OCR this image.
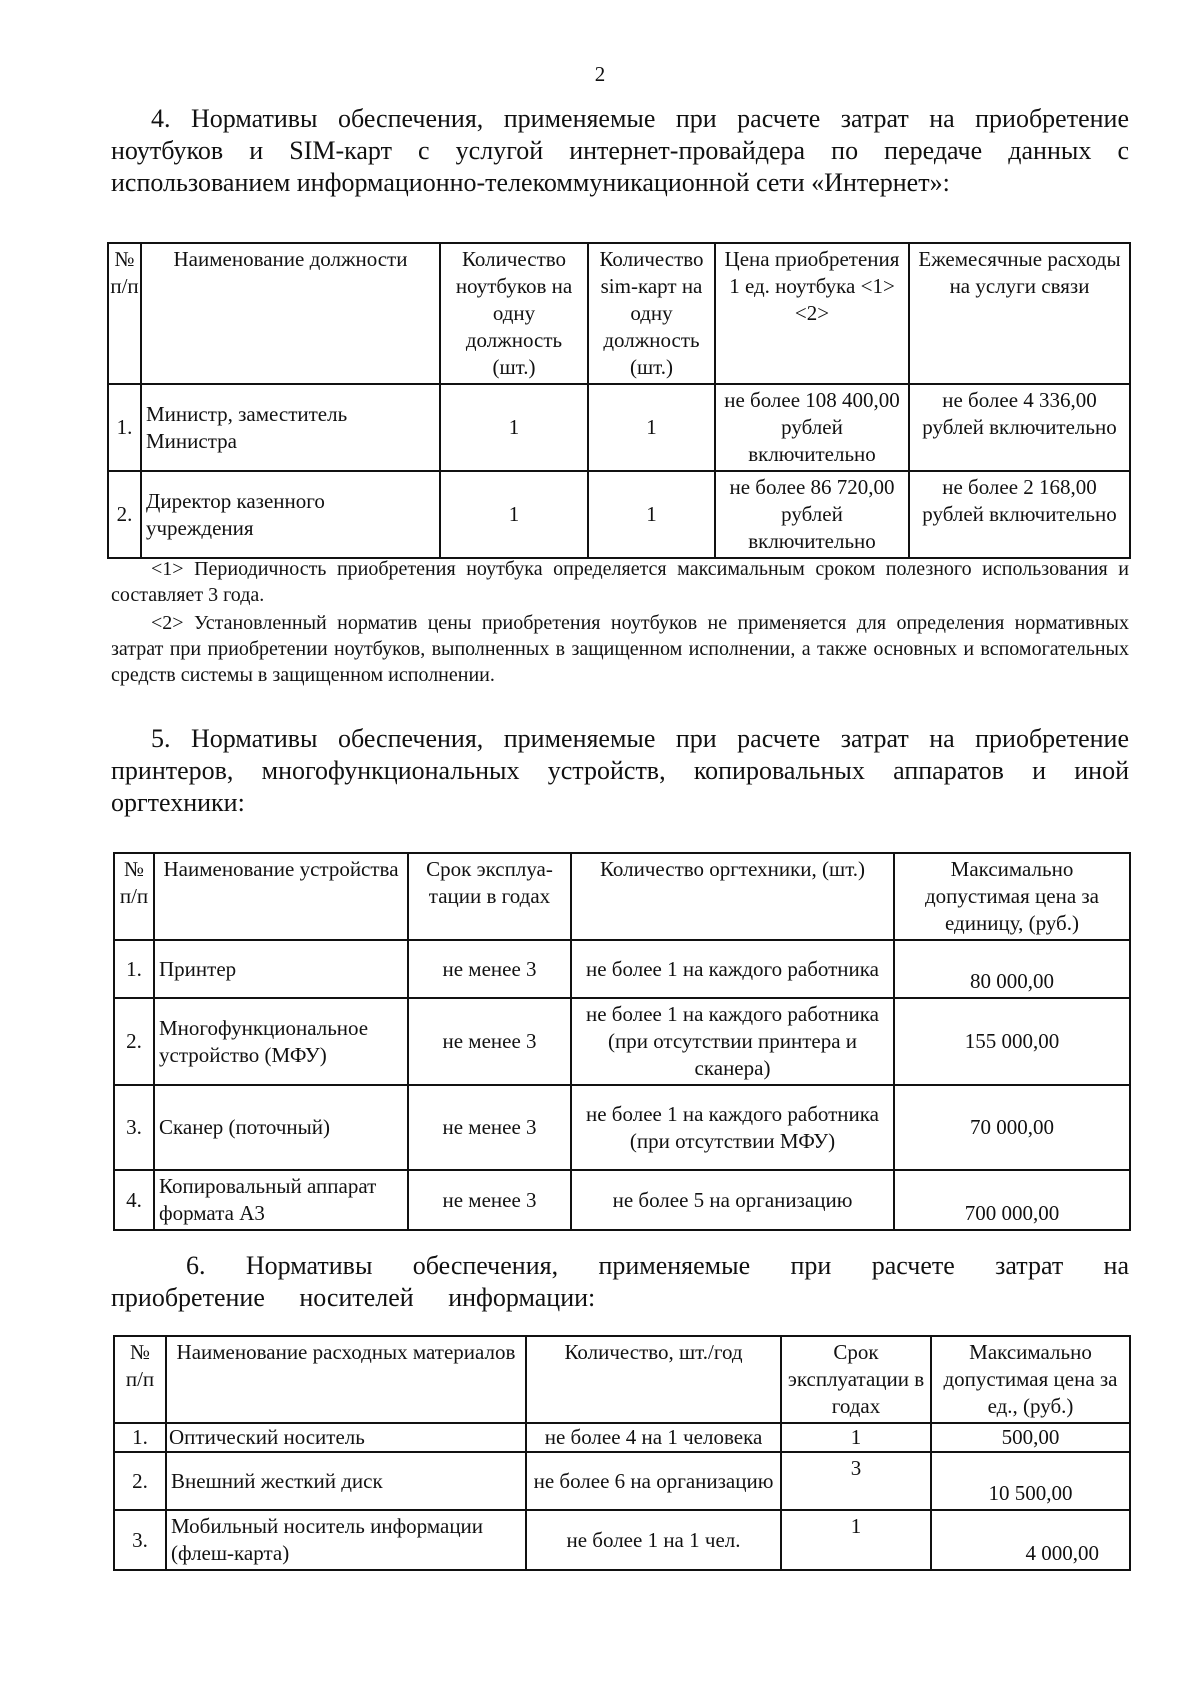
2
4. Нормативы обеспечения, применяемые при расчете затрат на приобретение ноутбуков и SIM-карт с услугой интернет-провайдера по передаче данных с использованием информационно-телекоммуникационной сети «Интернет»:
№ п/п	Наименование должности	Количество ноутбуков на одну должность (шт.)	Количество sim-карт на одну должность (шт.)	Цена приобретения 1 ед. ноутбука <1> <2>	Ежемесячные расходы на услуги связи
1.	Министр, заместитель Министра	1	1	не более 108 400,00 рублей включительно	не более 4 336,00 рублей включительно
2.	Директор казенного учреждения	1	1	не более 86 720,00 рублей включительно	не более 2 168,00 рублей включительно
<1> Периодичность приобретения ноутбука определяется максимальным сроком полезного использования и составляет 3 года.
<2> Установленный норматив цены приобретения ноутбуков не применяется для определения нормативных затрат при приобретении ноутбуков, выполненных в защищенном исполнении, а также основных и вспомогательных средств системы в защищенном исполнении.
5. Нормативы обеспечения, применяемые при расчете затрат на приобретение принтеров, многофункциональных устройств, копировальных аппаратов и иной оргтехники:
№ п/п	Наименование устройства	Срок эксплуа-тации в годах	Количество оргтехники, (шт.)	Максимально допустимая цена за единицу, (руб.)
1.	Принтер	не менее 3	не более 1 на каждого работника	80 000,00
2.	Многофункциональное устройство (МФУ)	не менее 3	не более 1 на каждого работника (при отсутствии принтера и сканера)	155 000,00
3.	Сканер (поточный)	не менее 3	не более 1 на каждого работника (при отсутствии МФУ)	70 000,00
4.	Копировальный аппарат формата А3	не менее 3	не более 5 на организацию	700 000,00
6. Нормативы обеспечения, применяемые при расчете затрат на приобретение носителей информации:
№ п/п	Наименование расходных материалов	Количество, шт./год	Срок эксплуатации в годах	Максимально допустимая цена за ед., (руб.)
1.	Оптический носитель	не более 4 на 1 человека	1	500,00
2.	Внешний жесткий диск	не более 6 на организацию	3	10 500,00
3.	Мобильный носитель информации (флеш-карта)	не более 1 на 1 чел.	1	4 000,00
